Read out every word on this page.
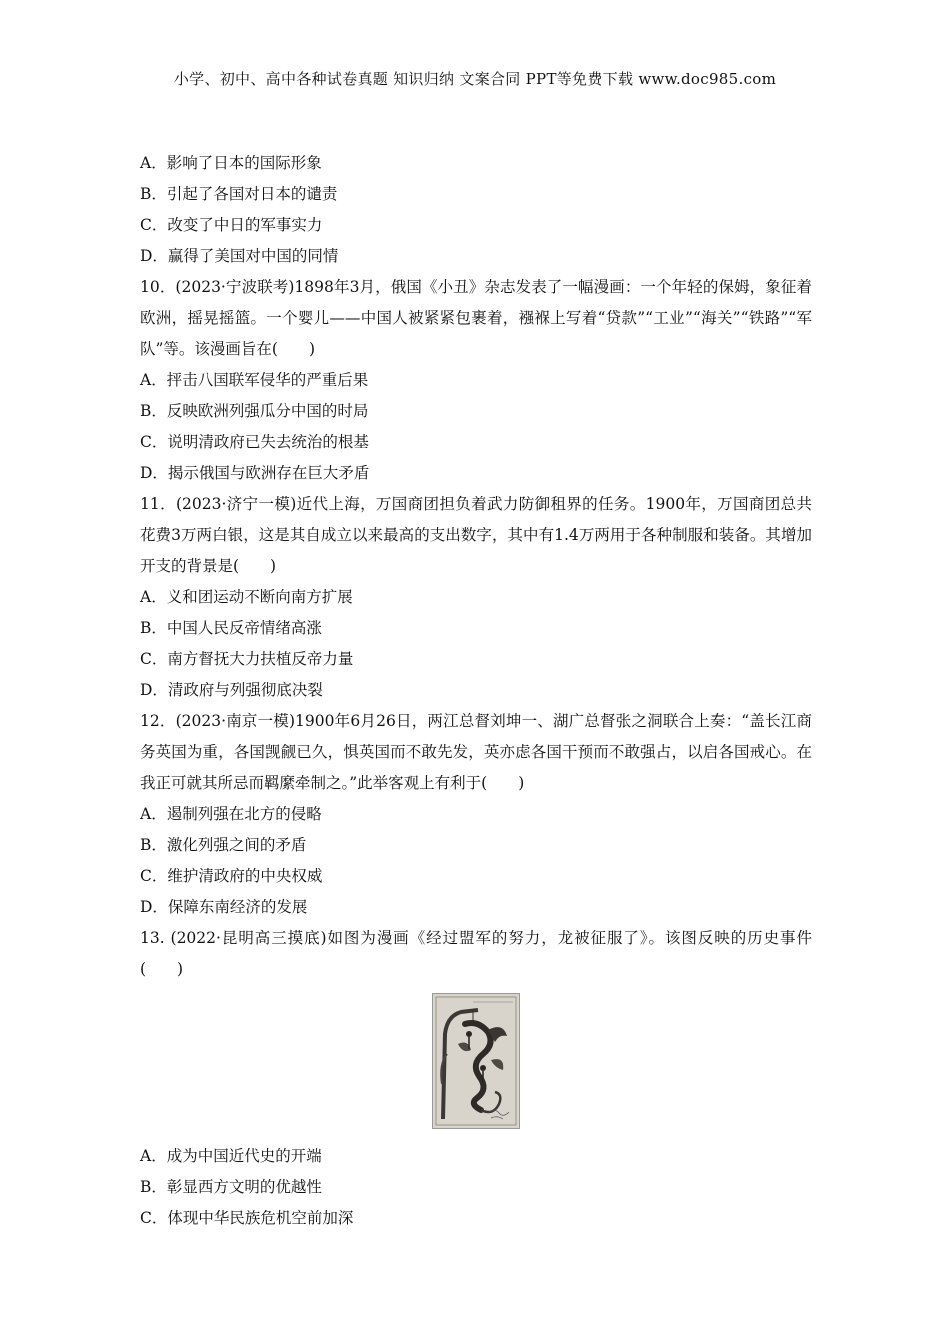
小学、初中、高中各种试卷真题 知识归纳 文案合同 PPT等免费下载 www.doc985.com
A．影响了日本的国际形象
B．引起了各国对日本的谴责
C．改变了中日的军事实力
D．赢得了美国对中国的同情
10．(2023·宁波联考)1898年3月，俄国《小丑》杂志发表了一幅漫画：一个年轻的保姆，象征着欧洲，摇晃摇篮。一个婴儿——中国人被紧紧包裹着，襁褓上写着“贷款”“工业”“海关”“铁路”“军队”等。该漫画旨在(　　)
A．抨击八国联军侵华的严重后果
B．反映欧洲列强瓜分中国的时局
C．说明清政府已失去统治的根基
D．揭示俄国与欧洲存在巨大矛盾
11．(2023·济宁一模)近代上海，万国商团担负着武力防御租界的任务。1900年，万国商团总共花费3万两白银，这是其自成立以来最高的支出数字，其中有1.4万两用于各种制服和装备。其增加开支的背景是(　　)
A．义和团运动不断向南方扩展
B．中国人民反帝情绪高涨
C．南方督抚大力扶植反帝力量
D．清政府与列强彻底决裂
12．(2023·南京一模)1900年6月26日，两江总督刘坤一、湖广总督张之洞联合上奏：“盖长江商务英国为重，各国觊觎已久，惧英国而不敢先发，英亦虑各国干预而不敢强占，以启各国戒心。在我正可就其所忌而羁縻牵制之。”此举客观上有利于(　　)
A．遏制列强在北方的侵略
B．激化列强之间的矛盾
C．维护清政府的中央权威
D．保障东南经济的发展
13. (2022·昆明高三摸底)如图为漫画《经过盟军的努力，龙被征服了》。该图反映的历史事件(　　)
A．成为中国近代史的开端
B．彰显西方文明的优越性
C．体现中华民族危机空前加深
